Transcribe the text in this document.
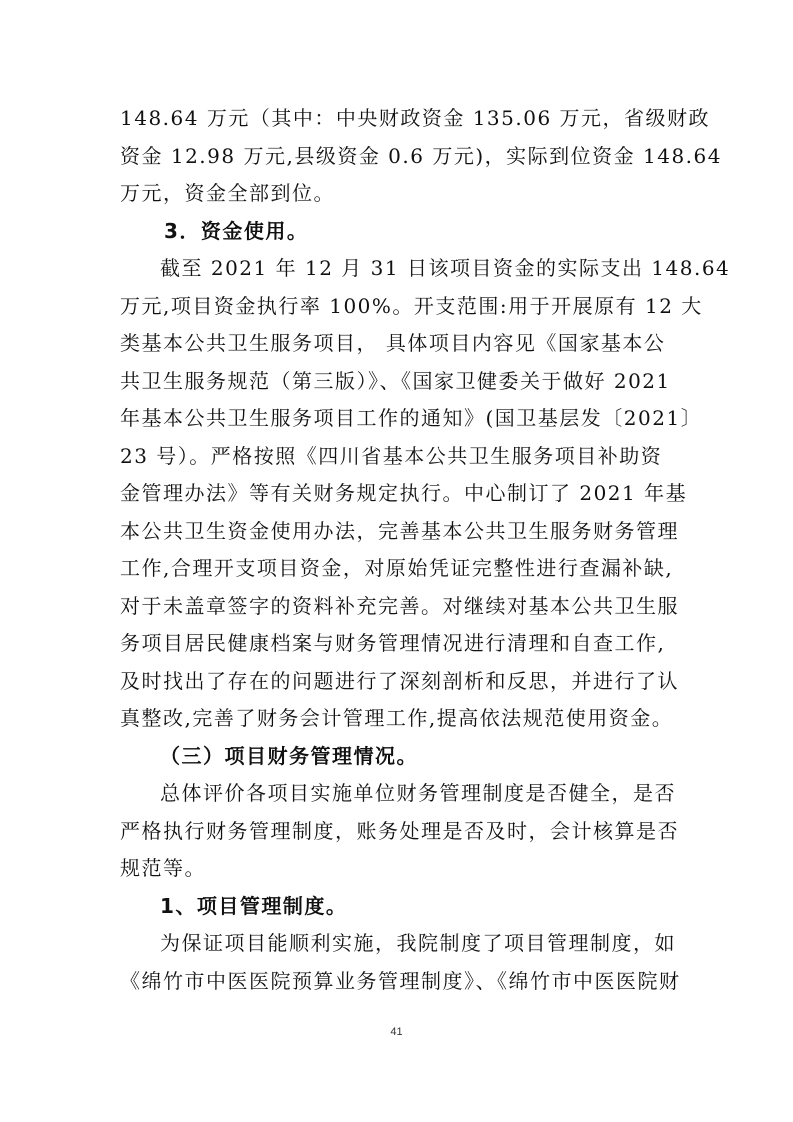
148.64 万元（其中：中央财政资金 135.06 万元，省级财政
资金 12.98 万元,县级资金 0.6 万元)，实际到位资金 148.64
万元，资金全部到位。
3．资金使用。
截至 2021 年 12 月 31 日该项目资金的实际支出 148.64
万元,项目资金执行率 100%。开支范围:用于开展原有 12 大
类基本公共卫生服务项目， 具体项目内容见《国家基本公
共卫生服务规范（第三版）》、《国家卫健委关于做好 2021
年基本公共卫生服务项目工作的通知》(国卫基层发〔2021〕
23 号）。严格按照《四川省基本公共卫生服务项目补助资
金管理办法》等有关财务规定执行。中心制订了 2021 年基
本公共卫生资金使用办法，完善基本公共卫生服务财务管理
工作,合理开支项目资金，对原始凭证完整性进行查漏补缺,
对于未盖章签字的资料补充完善。对继续对基本公共卫生服
务项目居民健康档案与财务管理情况进行清理和自查工作,
及时找出了存在的问题进行了深刻剖析和反思，并进行了认
真整改,完善了财务会计管理工作,提高依法规范使用资金。
（三）项目财务管理情况。
总体评价各项目实施单位财务管理制度是否健全，是否
严格执行财务管理制度，账务处理是否及时，会计核算是否
规范等。
1、项目管理制度。
为保证项目能顺利实施，我院制度了项目管理制度，如
《绵竹市中医医院预算业务管理制度》、《绵竹市中医医院财
41
